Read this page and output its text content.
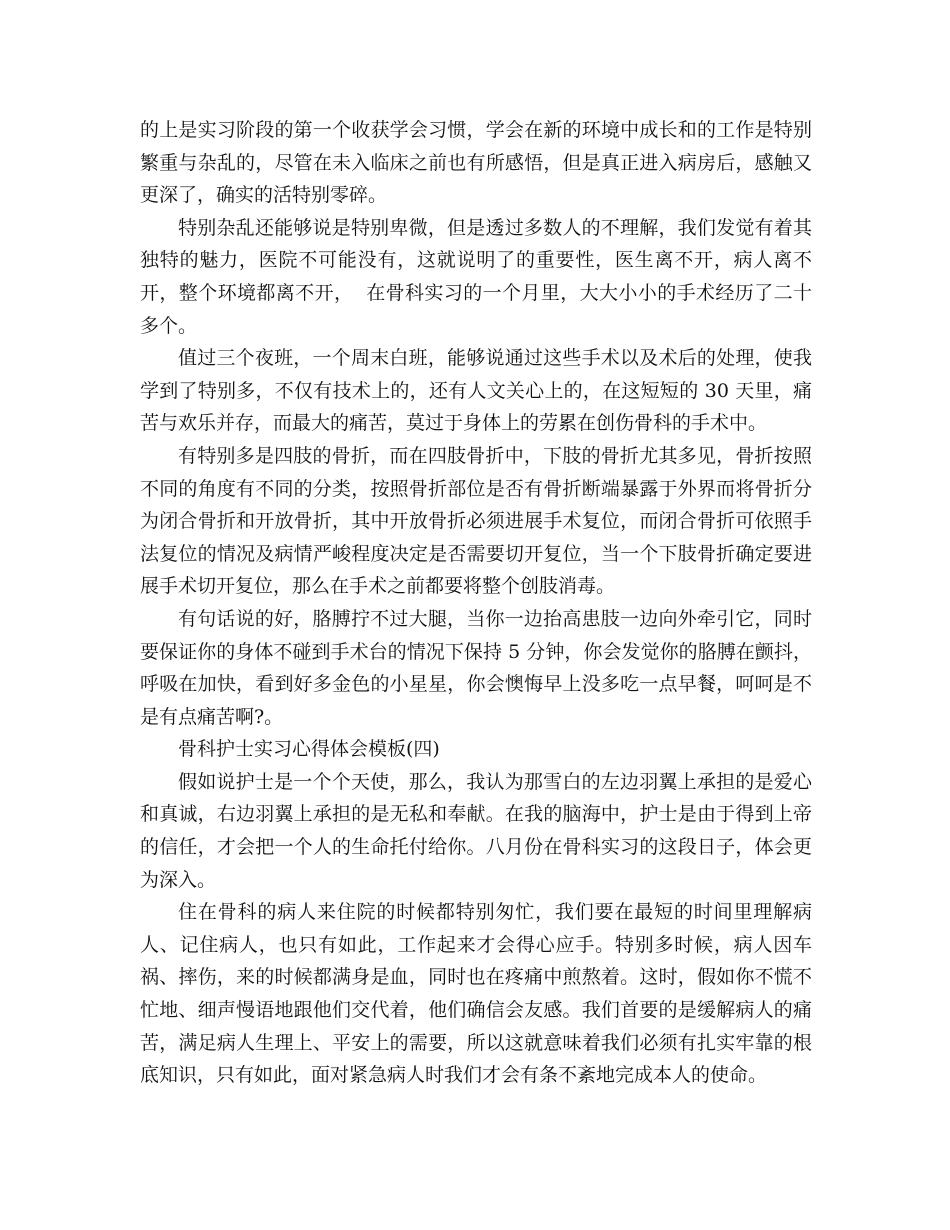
的上是实习阶段的第一个收获学会习惯，学会在新的环境中成长和的工作是特别繁重与杂乱的，尽管在未入临床之前也有所感悟，但是真正进入病房后，感触又更深了，确实的活特别零碎。

特别杂乱还能够说是特别卑微，但是透过多数人的不理解，我们发觉有着其独特的魅力，医院不可能没有，这就说明了的重要性，医生离不开，病人离不开，整个环境都离不开，  在骨科实习的一个月里，大大小小的手术经历了二十多个。

值过三个夜班，一个周末白班，能够说通过这些手术以及术后的处理，使我学到了特别多，不仅有技术上的，还有人文关心上的，在这短短的 30 天里，痛苦与欢乐并存，而最大的痛苦，莫过于身体上的劳累在创伤骨科的手术中。

有特别多是四肢的骨折，而在四肢骨折中，下肢的骨折尤其多见，骨折按照不同的角度有不同的分类，按照骨折部位是否有骨折断端暴露于外界而将骨折分为闭合骨折和开放骨折，其中开放骨折必须进展手术复位，而闭合骨折可依照手法复位的情况及病情严峻程度决定是否需要切开复位，当一个下肢骨折确定要进展手术切开复位，那么在手术之前都要将整个创肢消毒。

有句话说的好，胳膊拧不过大腿，当你一边抬高患肢一边向外牵引它，同时要保证你的身体不碰到手术台的情况下保持 5 分钟，你会发觉你的胳膊在颤抖，呼吸在加快，看到好多金色的小星星，你会懊悔早上没多吃一点早餐，呵呵是不是有点痛苦啊?。

骨科护士实习心得体会模板(四)

假如说护士是一个个天使，那么，我认为那雪白的左边羽翼上承担的是爱心和真诚，右边羽翼上承担的是无私和奉献。在我的脑海中，护士是由于得到上帝的信任，才会把一个人的生命托付给你。八月份在骨科实习的这段日子，体会更为深入。

住在骨科的病人来住院的时候都特别匆忙，我们要在最短的时间里理解病人、记住病人，也只有如此，工作起来才会得心应手。特别多时候，病人因车祸、摔伤，来的时候都满身是血，同时也在疼痛中煎熬着。这时，假如你不慌不忙地、细声慢语地跟他们交代着，他们确信会友感。我们首要的是缓解病人的痛苦，满足病人生理上、平安上的需要，所以这就意味着我们必须有扎实牢靠的根底知识，只有如此，面对紧急病人时我们才会有条不紊地完成本人的使命。
